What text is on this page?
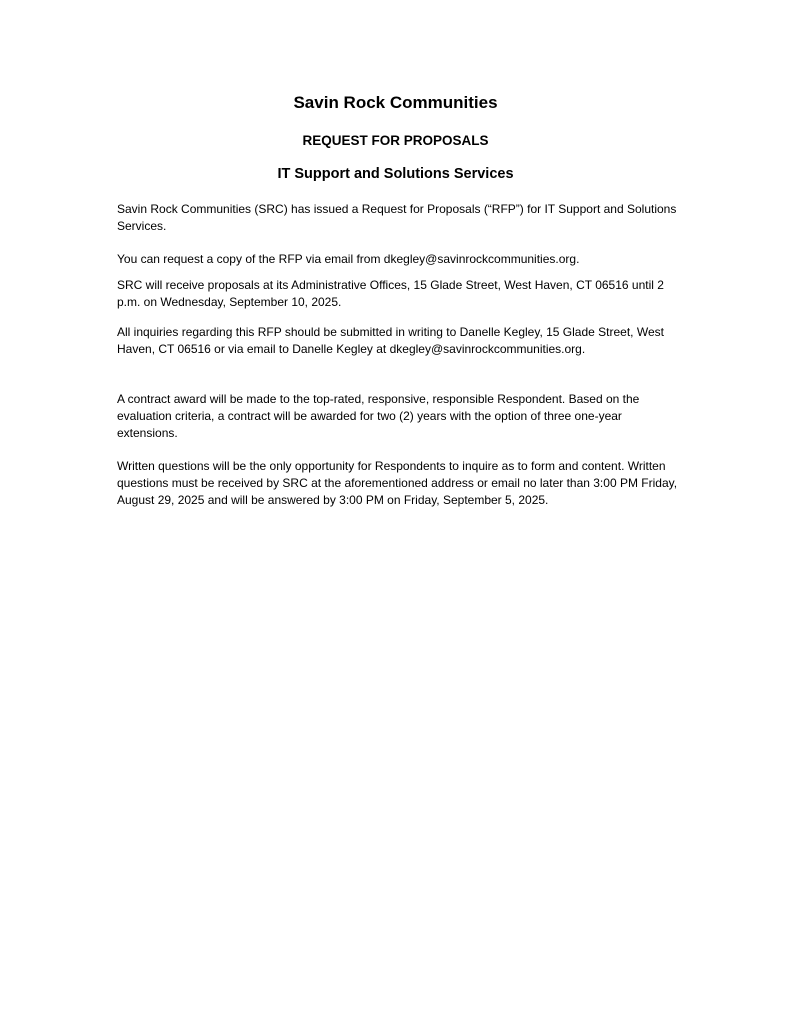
Savin Rock Communities
REQUEST FOR PROPOSALS
IT Support and Solutions Services

Savin Rock Communities (SRC) has issued a Request for Proposals (“RFP”) for IT Support and Solutions Services.

You can request a copy of the RFP via email from dkegley@savinrockcommunities.org.

SRC will receive proposals at its Administrative Offices, 15 Glade Street, West Haven, CT 06516 until 2 p.m. on Wednesday, September 10, 2025.

All inquiries regarding this RFP should be submitted in writing to Danelle Kegley, 15 Glade Street, West Haven, CT 06516 or via email to Danelle Kegley at dkegley@savinrockcommunities.org.

A contract award will be made to the top-rated, responsive, responsible Respondent. Based on the evaluation criteria, a contract will be awarded for two (2) years with the option of three one-year extensions.

Written questions will be the only opportunity for Respondents to inquire as to form and content. Written questions must be received by SRC at the aforementioned address or email no later than 3:00 PM Friday, August 29, 2025 and will be answered by 3:00 PM on Friday, September 5, 2025.
